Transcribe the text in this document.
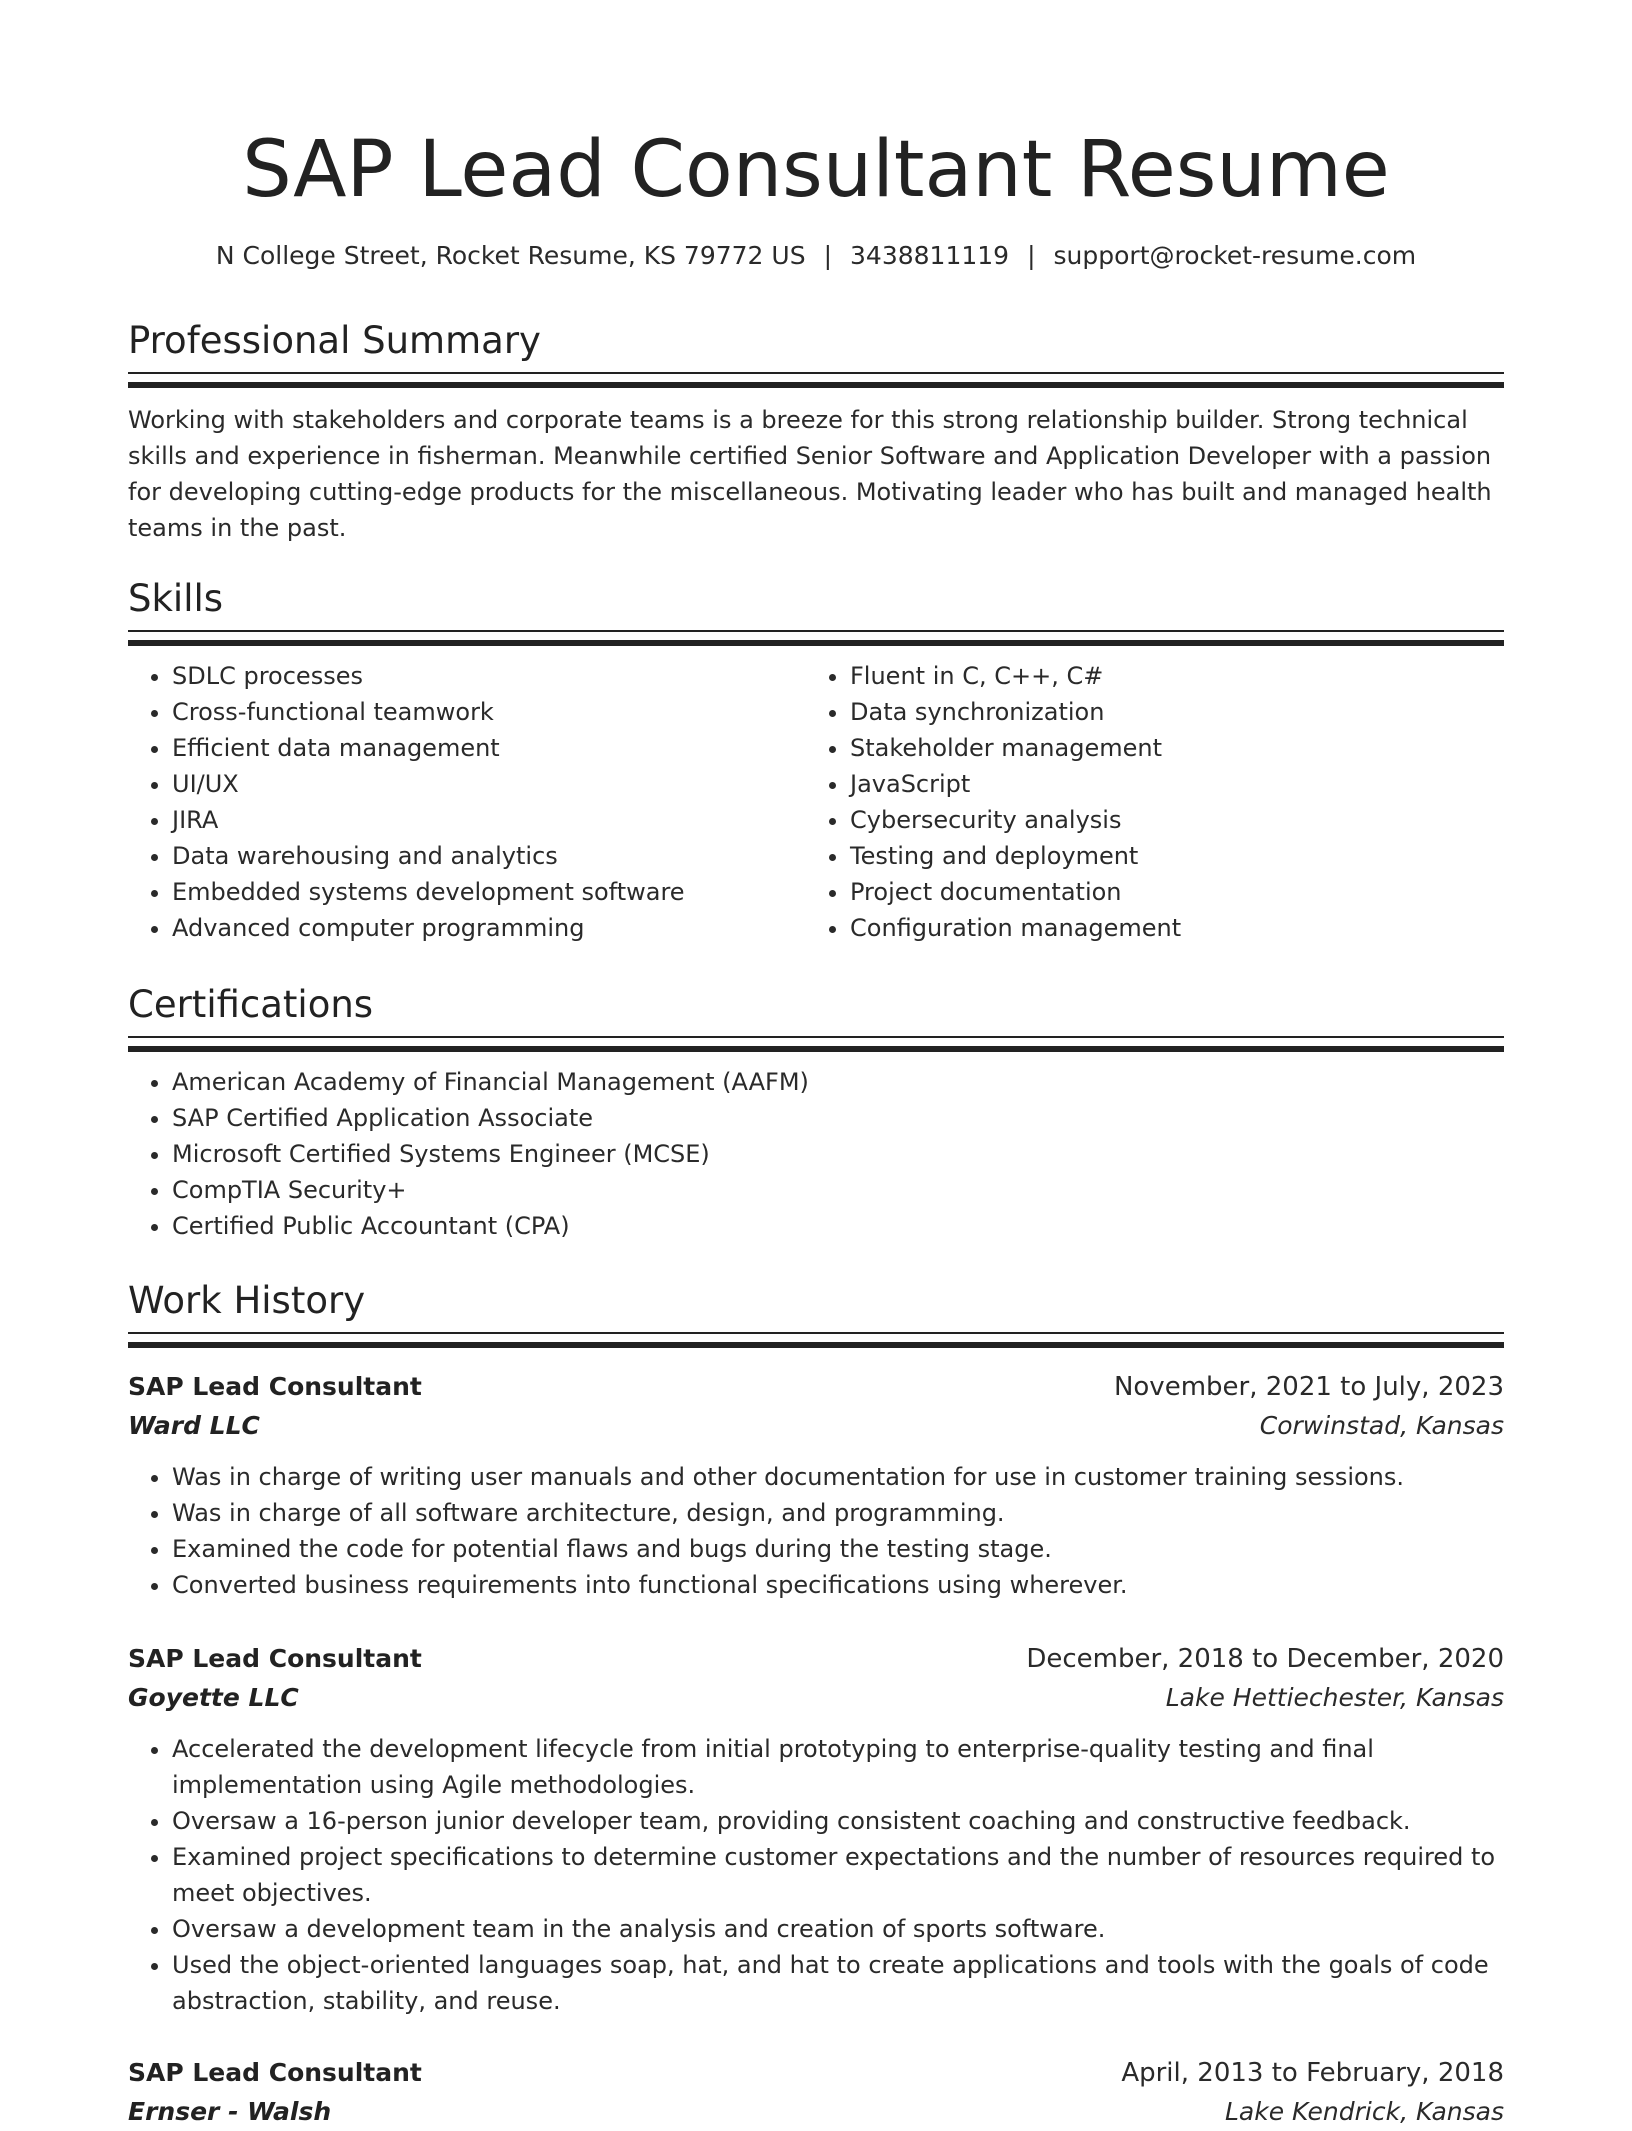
SAP Lead Consultant Resume
N College Street, Rocket Resume, KS 79772 US | 3438811119 | support@rocket-resume.com
Professional Summary

Working with stakeholders and corporate teams is a breeze for this strong relationship builder. Strong technical skills and experience in fisherman. Meanwhile certified Senior Software and Application Developer with a passion for developing cutting-edge products for the miscellaneous. Motivating leader who has built and managed health teams in the past.

Skills
• SDLC processes
• Cross-functional teamwork
• Efficient data management
• UI/UX
• JIRA
• Data warehousing and analytics
• Embedded systems development software
• Advanced computer programming
• Fluent in C, C++, C#
• Data synchronization
• Stakeholder management
• JavaScript
• Cybersecurity analysis
• Testing and deployment
• Project documentation
• Configuration management
Certifications
• American Academy of Financial Management (AAFM)
• SAP Certified Application Associate
• Microsoft Certified Systems Engineer (MCSE)
• CompTIA Security+
• Certified Public Accountant (CPA)
Work History
SAP Lead Consultant	November, 2021 to July, 2023
Ward LLC	Corwinstad, Kansas
• Was in charge of writing user manuals and other documentation for use in customer training sessions.
• Was in charge of all software architecture, design, and programming.
• Examined the code for potential flaws and bugs during the testing stage.
• Converted business requirements into functional specifications using wherever.
SAP Lead Consultant	December, 2018 to December, 2020
Goyette LLC	Lake Hettiechester, Kansas
• Accelerated the development lifecycle from initial prototyping to enterprise-quality testing and final implementation using Agile methodologies.
• Oversaw a 16-person junior developer team, providing consistent coaching and constructive feedback.
• Examined project specifications to determine customer expectations and the number of resources required to meet objectives.
• Oversaw a development team in the analysis and creation of sports software.
• Used the object-oriented languages soap, hat, and hat to create applications and tools with the goals of code abstraction, stability, and reuse.
SAP Lead Consultant	April, 2013 to February, 2018
Ernser - Walsh	Lake Kendrick, Kansas
